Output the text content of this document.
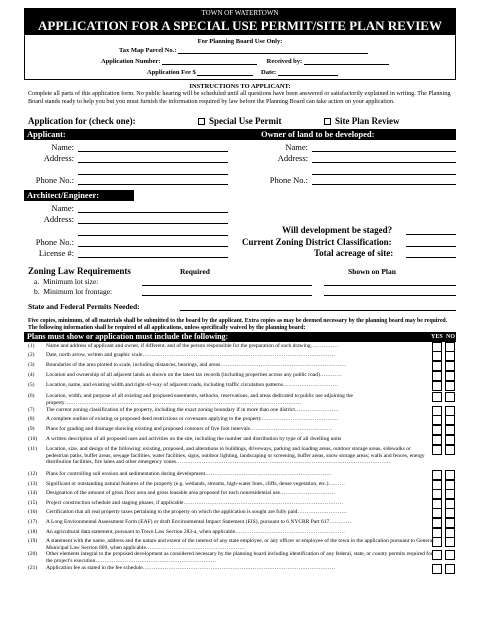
TOWN OF WATERTOWN
APPLICATION FOR A SPECIAL USE PERMIT/SITE PLAN REVIEW
For Planning Board Use Only:
Tax Map Parcel No.:
Application Number:	Received by:
Application Fee $	Date:
INSTRUCTIONS TO APPLICANT:
Complete all parts of this application form. No public hearing will be scheduled until all questions have been answered or satisfactorily explained in writing. The Planning Board stands ready to help you but you must furnish the information required by law before the Planning Board can take action on your application.
Application for (check one):	Special Use Permit	Site Plan Review
Applicant:	Owner of land to be developed:
Name:
Address:
Phone No.:
Name:
Address:
Phone No.:
Architect/Engineer:
Name:
Address:
Phone No.:
License #:
Will development be staged?
Current Zoning District Classification:
Total acreage of site:
Zoning Law Requirements	Required	Shown on Plan
a.  Minimum lot size:
b.  Minimum lot frontage:
State and Federal Permits Needed:
Five copies, minimum, of all materials shall be submitted to the board by the applicant. Extra copies as may be deemed necessary by the planning board may be required. The following information shall be required of all applications, unless specifically waived by the planning board:
Plans must show or application must include the following:	YES NO
(1) Name and address of applicant and owner, if different, and of the person responsible for the preparation of such drawing……………
(2) Date, north arrow, written and graphic scale……………………………………………………………………………………………
(3) Boundaries of the area plotted to scale, including distances, bearings, and areas……………………………………………………………
(4) Location and ownership of all adjacent lands as shown on the latest tax records (including properties across any public road)…………
(5) Location, name, and existing width and right-of-way of adjacent roads, including traffic circulation patterns…………………………
(6) Location, width, and purpose of all existing and proposed easements, setbacks, reservations, and areas dedicated to public use adjoining the property…………………………………………………………………………………………………………………
(7) The current zoning classification of the property, including the exact zoning boundary if in more than one district……………………
(8) A complete outline of existing or proposed deed restrictions or covenants applying to the property……………………………………
(9) Plans for grading and drainage showing existing and proposed contours of five foot intervals………………………………………
(10) A written description of all proposed uses and activities on the site, including the number and distribution by type of all dwelling units
(11) Location, size, and design of the following: existing, proposed, and alterations to buildings, driveways, parking and loading areas, outdoor storage areas, sidewalks or pedestrian paths, buffer areas, sewage facilities, water facilities, signs, outdoor lighting, landscaping or screening, buffer areas, snow storage areas; walls and fences, energy distribution facilities, fire lanes and other emergency zones………………………………………………………………………………………………………
(12) Plans for controlling soil erosion and sedimentation during development……………………………………………………………
(13) Significant or outstanding natural features of the property (e.g. wetlands, streams, high-water lines, cliffs, dense vegetation, etc.)………
(14) Designation of the amount of gross floor area and gross leasable area proposed for each nonresidential use…………………………
(15) Project construction schedule and staging phases, if applicable……………………………………………………………………………
(16) Certification that all real property taxes pertaining to the property on which the application is sought are fully paid………………………
(17) A Long Environmental Assessment Form (EAF) or draft Environmental Impact Statement (EIS), pursuant to 6 NYCRR Part 617…………
(18) An agricultural data statement, pursuant to Town Law Section 283-a, when applicable……………………………………………………
(19) A statement with the name, address and the nature and extent of the interest of any state employee, or any officer or employee of the town in the application pursuant to General Municipal Law Section 809, when applicable………………………………………………
(20) Other elements integral to the proposed development as considered necessary by the planning board including identification of any federal, state, or county permits required for the project's execution…………………………………………………………
(21) Application fee as stated in the fee schedule……………………………………………………………………………………………
